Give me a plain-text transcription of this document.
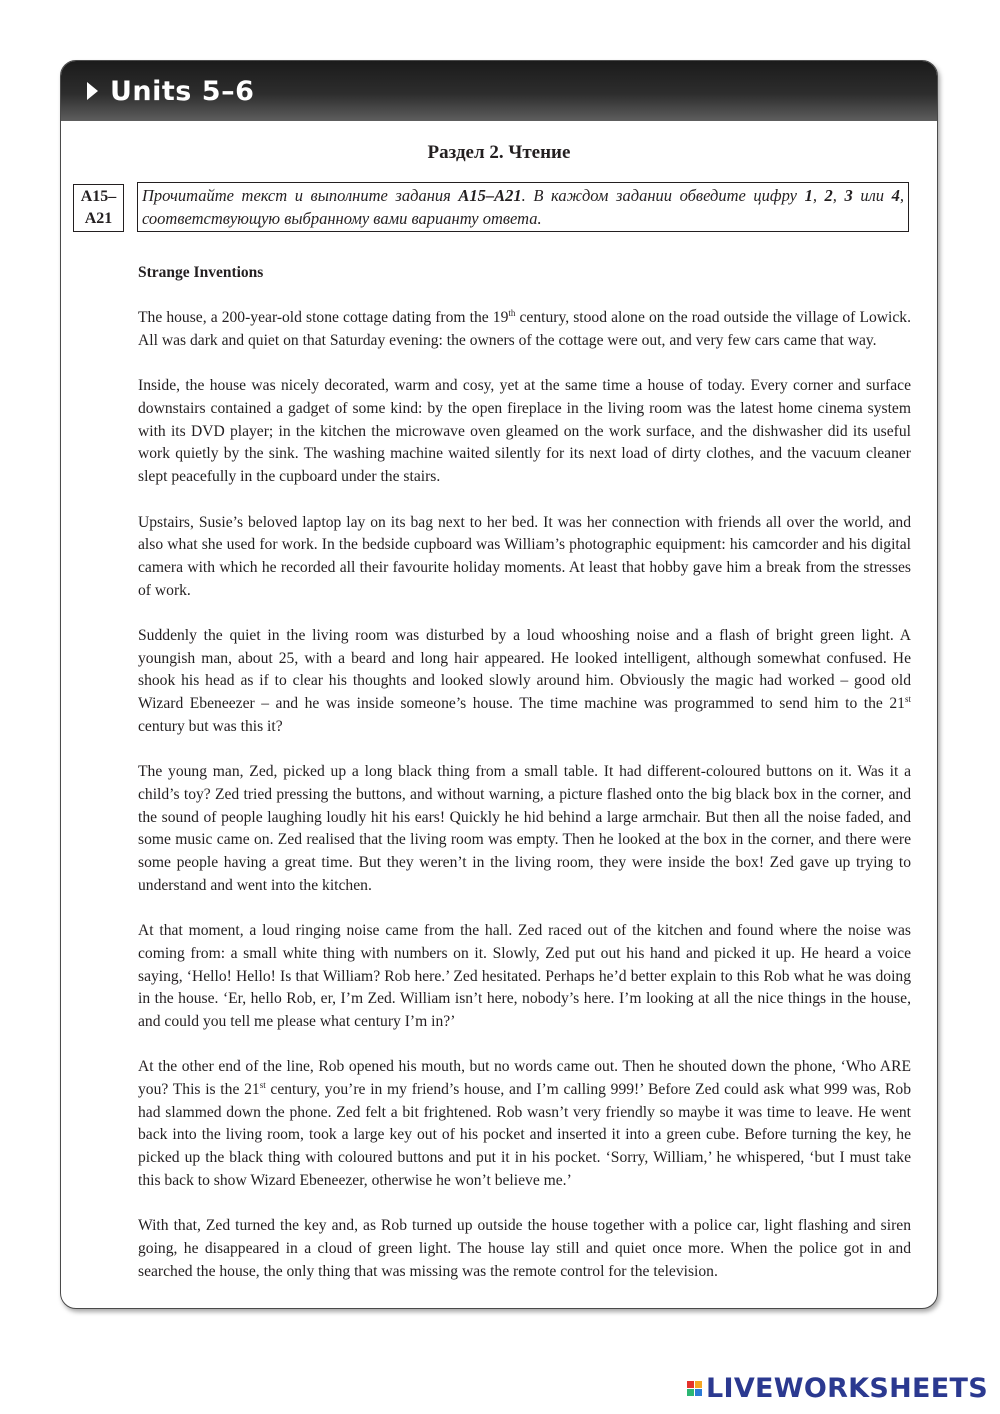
Units 5–6
Раздел 2. Чтение
A15–
A21
Прочитайте текст и выполните задания A15–A21. В каждом задании обведите цифру 1, 2, 3 или 4, соответствующую выбранному вами варианту ответа.
Strange Inventions

The house, a 200-year-old stone cottage dating from the 19th century, stood alone on the road outside the village of Lowick. All was dark and quiet on that Saturday evening: the owners of the cottage were out, and very few cars came that way.

Inside, the house was nicely decorated, warm and cosy, yet at the same time a house of today. Every corner and surface downstairs contained a gadget of some kind: by the open fireplace in the living room was the latest home cinema system with its DVD player; in the kitchen the microwave oven gleamed on the work surface, and the dishwasher did its useful work quietly by the sink. The washing machine waited silently for its next load of dirty clothes, and the vacuum cleaner slept peacefully in the cupboard under the stairs.

Upstairs, Susie’s beloved laptop lay on its bag next to her bed. It was her connection with friends all over the world, and also what she used for work. In the bedside cupboard was William’s photographic equipment: his camcorder and his digital camera with which he recorded all their favourite holiday moments. At least that hobby gave him a break from the stresses of work.

Suddenly the quiet in the living room was disturbed by a loud whooshing noise and a flash of bright green light. A youngish man, about 25, with a beard and long hair appeared. He looked intelligent, although somewhat confused. He shook his head as if to clear his thoughts and looked slowly around him. Obviously the magic had worked – good old Wizard Ebeneezer – and he was inside someone’s house. The time machine was programmed to send him to the 21st century but was this it?

The young man, Zed, picked up a long black thing from a small table. It had different-coloured buttons on it. Was it a child’s toy? Zed tried pressing the buttons, and without warning, a picture flashed onto the big black box in the corner, and the sound of people laughing loudly hit his ears! Quickly he hid behind a large armchair. But then all the noise faded, and some music came on. Zed realised that the living room was empty. Then he looked at the box in the corner, and there were some people having a great time. But they weren’t in the living room, they were inside the box! Zed gave up trying to understand and went into the kitchen.

At that moment, a loud ringing noise came from the hall. Zed raced out of the kitchen and found where the noise was coming from: a small white thing with numbers on it. Slowly, Zed put out his hand and picked it up. He heard a voice saying, ‘Hello! Hello! Is that William? Rob here.’ Zed hesitated. Perhaps he’d better explain to this Rob what he was doing in the house. ‘Er, hello Rob, er, I’m Zed. William isn’t here, nobody’s here. I’m looking at all the nice things in the house, and could you tell me please what century I’m in?’

At the other end of the line, Rob opened his mouth, but no words came out. Then he shouted down the phone, ‘Who ARE you? This is the 21st century, you’re in my friend’s house, and I’m calling 999!’ Before Zed could ask what 999 was, Rob had slammed down the phone. Zed felt a bit frightened. Rob wasn’t very friendly so maybe it was time to leave. He went back into the living room, took a large key out of his pocket and inserted it into a green cube. Before turning the key, he picked up the black thing with coloured buttons and put it in his pocket. ‘Sorry, William,’ he whispered, ‘but I must take this back to show Wizard Ebeneezer, otherwise he won’t believe me.’

With that, Zed turned the key and, as Rob turned up outside the house together with a police car, light flashing and siren going, he disappeared in a cloud of green light. The house lay still and quiet once more. When the police got in and searched the house, the only thing that was missing was the remote control for the television.

LIVEWORKSHEETS
